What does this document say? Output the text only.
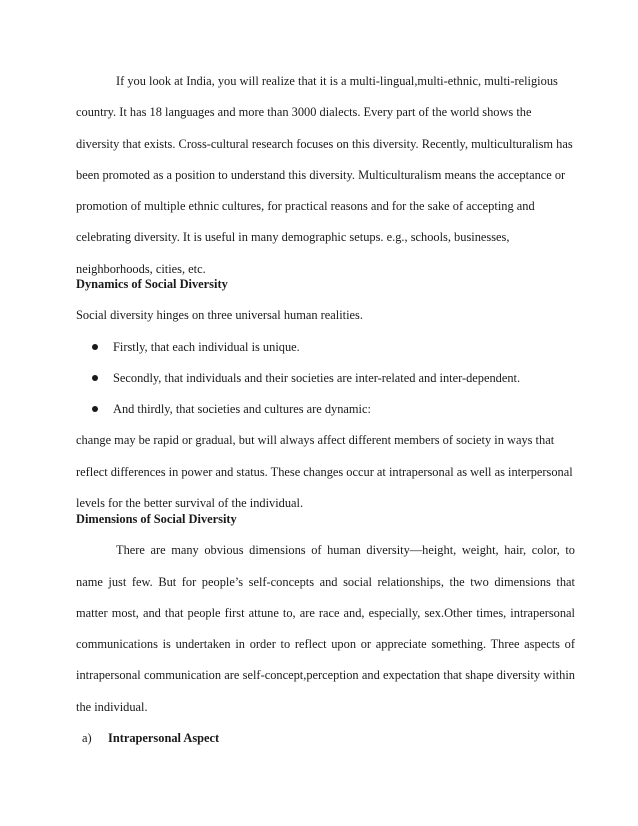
If you look at India, you will realize that it is a multi-lingual,multi-ethnic, multi-religious country. It has 18 languages and more than 3000 dialects. Every part of the world shows the diversity that exists. Cross-cultural research focuses on this diversity. Recently, multiculturalism has been promoted as a position to understand this diversity. Multiculturalism means the acceptance or promotion of multiple ethnic cultures, for practical reasons and for the sake of accepting and celebrating diversity. It is useful in many demographic setups. e.g., schools, businesses, neighborhoods, cities, etc.

Dynamics of Social Diversity

Social diversity hinges on three universal human realities.

Firstly, that each individual is unique.
Secondly, that individuals and their societies are inter-related and inter-dependent.
And thirdly, that societies and cultures are dynamic:

change may be rapid or gradual, but will always affect different members of society in ways that reflect differences in power and status. These changes occur at intrapersonal as well as interpersonal levels for the better survival of the individual.

Dimensions of Social Diversity

There are many obvious dimensions of human diversity—height, weight, hair, color, to name just few. But for people’s self-concepts and social relationships, the two dimensions that matter most, and that people first attune to, are race and, especially, sex.Other times, intrapersonal communications is undertaken in order to reflect upon or appreciate something. Three aspects of intrapersonal communication are self-concept,perception and expectation that shape diversity within the individual.

a) Intrapersonal Aspect
